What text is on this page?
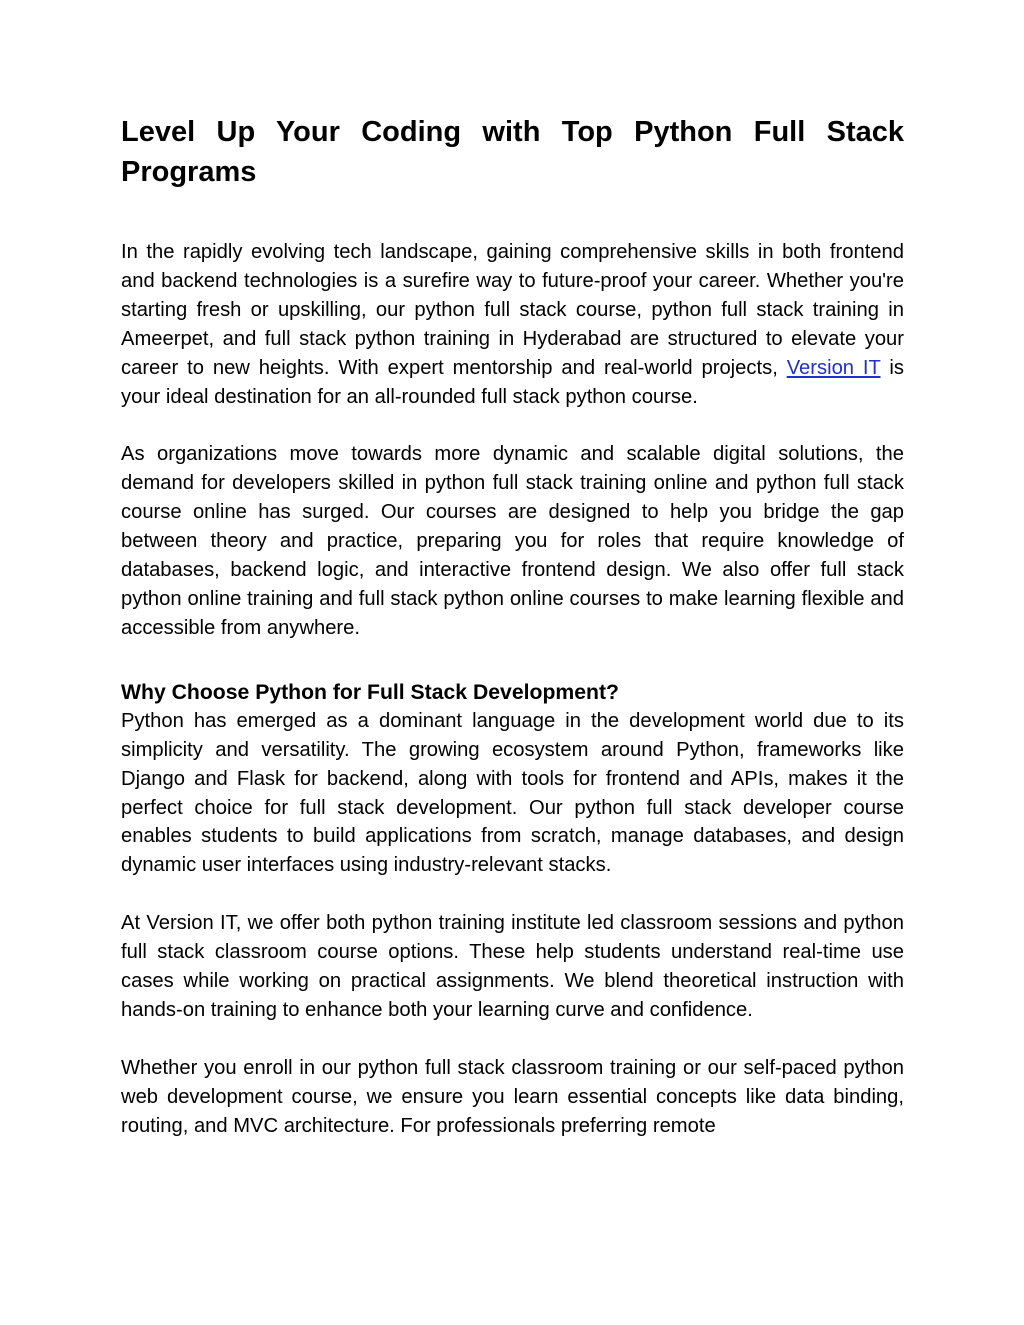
Level Up Your Coding with Top Python Full Stack Programs

In the rapidly evolving tech landscape, gaining comprehensive skills in both frontend and backend technologies is a surefire way to future-proof your career. Whether you're starting fresh or upskilling, our python full stack course, python full stack training in Ameerpet, and full stack python training in Hyderabad are structured to elevate your career to new heights. With expert mentorship and real-world projects, Version IT is your ideal destination for an all-rounded full stack python course.

As organizations move towards more dynamic and scalable digital solutions, the demand for developers skilled in python full stack training online and python full stack course online has surged. Our courses are designed to help you bridge the gap between theory and practice, preparing you for roles that require knowledge of databases, backend logic, and interactive frontend design. We also offer full stack python online training and full stack python online courses to make learning flexible and accessible from anywhere.

Why Choose Python for Full Stack Development?

Python has emerged as a dominant language in the development world due to its simplicity and versatility. The growing ecosystem around Python, frameworks like Django and Flask for backend, along with tools for frontend and APIs, makes it the perfect choice for full stack development. Our python full stack developer course enables students to build applications from scratch, manage databases, and design dynamic user interfaces using industry-relevant stacks.

At Version IT, we offer both python training institute led classroom sessions and python full stack classroom course options. These help students understand real-time use cases while working on practical assignments. We blend theoretical instruction with hands-on training to enhance both your learning curve and confidence.

Whether you enroll in our python full stack classroom training or our self-paced python web development course, we ensure you learn essential concepts like data binding, routing, and MVC architecture. For professionals preferring remote
